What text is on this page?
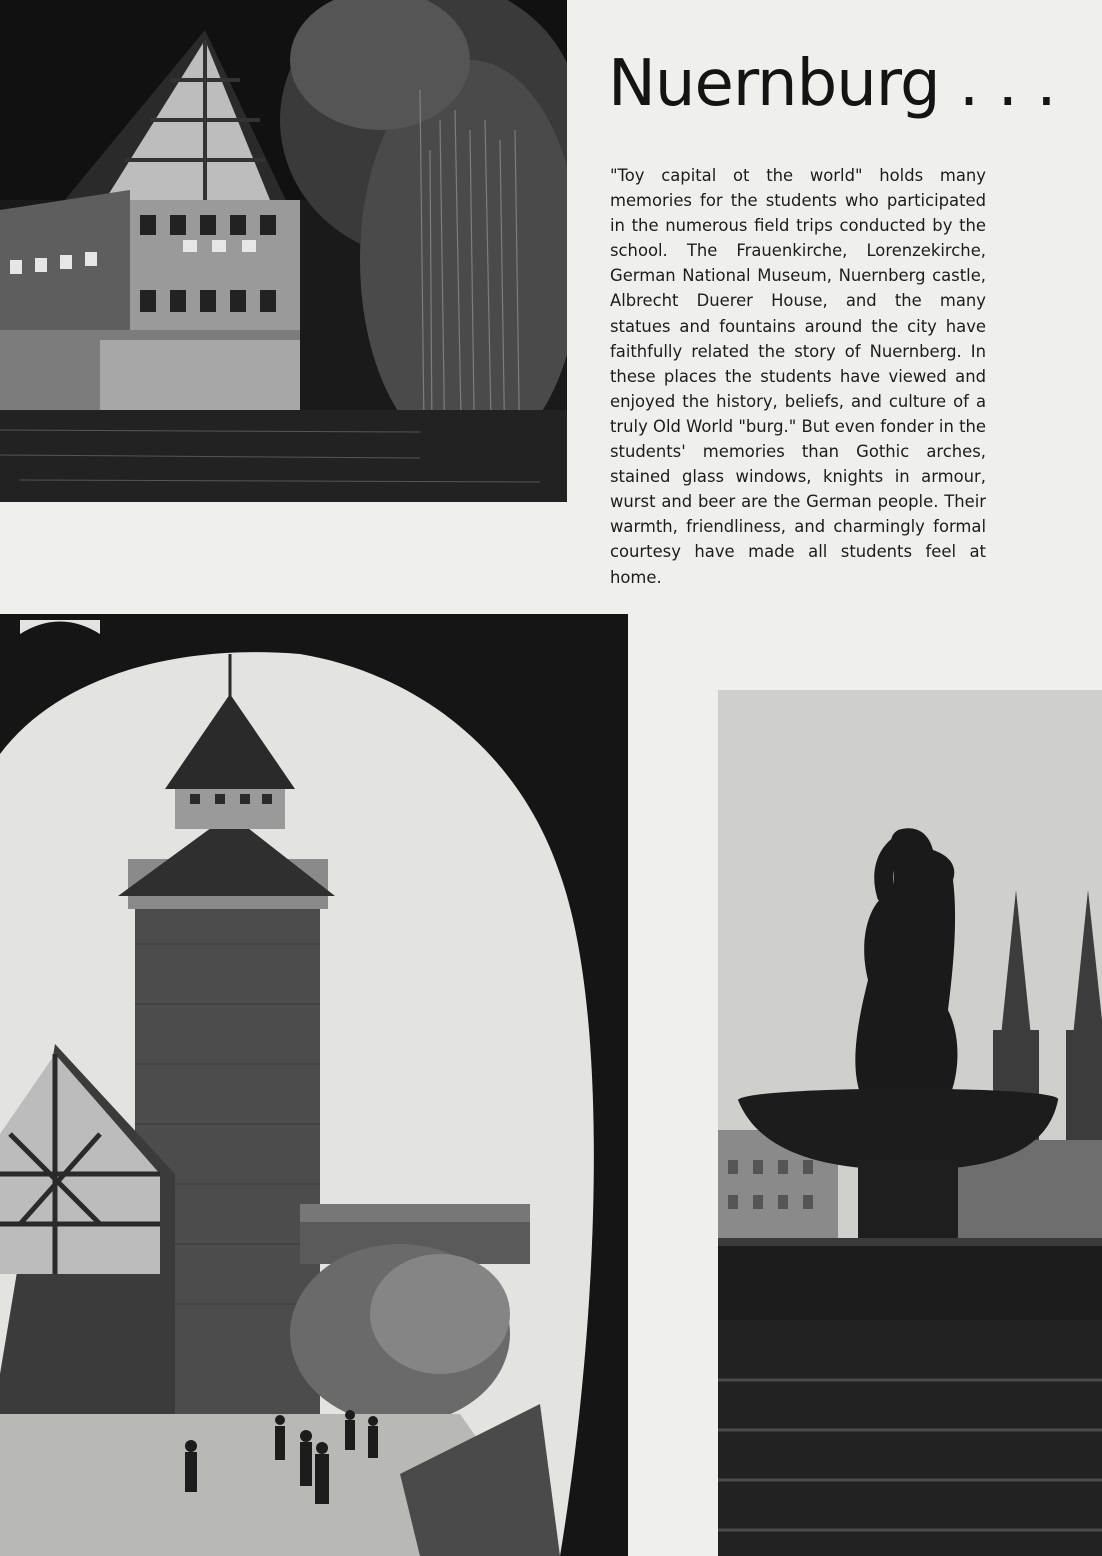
Nuernburg . . .

"Toy capital ot the world" holds many memories for the students who participated in the numerous field trips conducted by the school. The Frauenkirche, Lorenzekirche, German National Museum, Nuernberg castle, Albrecht Duerer House, and the many statues and fountains around the city have faithfully related the story of Nuernberg. In these places the students have viewed and enjoyed the history, beliefs, and culture of a truly Old World "burg." But even fonder in the students' memories than Gothic arches, stained glass windows, knights in armour, wurst and beer are the German people. Their warmth, friendliness, and charmingly formal courtesy have made all students feel at home.
